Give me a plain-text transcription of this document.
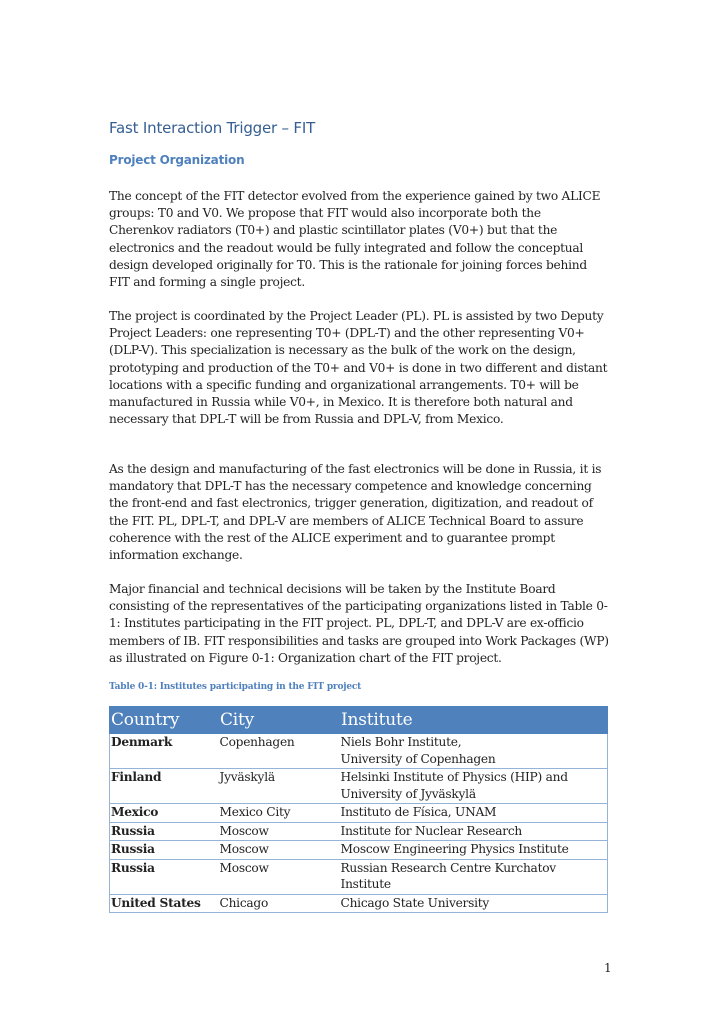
Fast Interaction Trigger – FIT
Project Organization

The concept of the FIT detector evolved from the experience gained by two ALICE groups: T0 and V0. We propose that FIT would also incorporate both the Cherenkov radiators (T0+) and plastic scintillator plates (V0+) but that the electronics and the readout would be fully integrated and follow the conceptual design developed originally for T0. This is the rationale for joining forces behind FIT and forming a single project.

The project is coordinated by the Project Leader (PL). PL is assisted by two Deputy Project Leaders: one representing T0+ (DPL-T) and the other representing V0+ (DLP-V). This specialization is necessary as the bulk of the work on the design, prototyping and production of the T0+ and V0+ is done in two different and distant locations with a specific funding and organizational arrangements. T0+ will be manufactured in Russia while V0+, in Mexico. It is therefore both natural and necessary that DPL-T will be from Russia and DPL-V, from Mexico.

As the design and manufacturing of the fast electronics will be done in Russia, it is mandatory that DPL-T has the necessary competence and knowledge concerning the front-end and fast electronics, trigger generation, digitization, and readout of the FIT. PL, DPL-T, and DPL-V are members of ALICE Technical Board to assure coherence with the rest of the ALICE experiment and to guarantee prompt information exchange.

Major financial and technical decisions will be taken by the Institute Board consisting of the representatives of the participating organizations listed in Table 0-1: Institutes participating in the FIT project. PL, DPL-T, and DPL-V are ex-officio members of IB. FIT responsibilities and tasks are grouped into Work Packages (WP) as illustrated on Figure 0-1: Organization chart of the FIT project.

Table 0-1: Institutes participating in the FIT project

Country	City	Institute
Denmark	Copenhagen	Niels Bohr Institute,
University of Copenhagen
Finland	Jyväskylä	Helsinki Institute of Physics (HIP) and
University of Jyväskylä
Mexico	Mexico City	Instituto de Física, UNAM
Russia	Moscow	Institute for Nuclear Research
Russia	Moscow	Moscow Engineering Physics Institute
Russia	Moscow	Russian Research Centre Kurchatov
Institute
United States	Chicago	Chicago State University
1
